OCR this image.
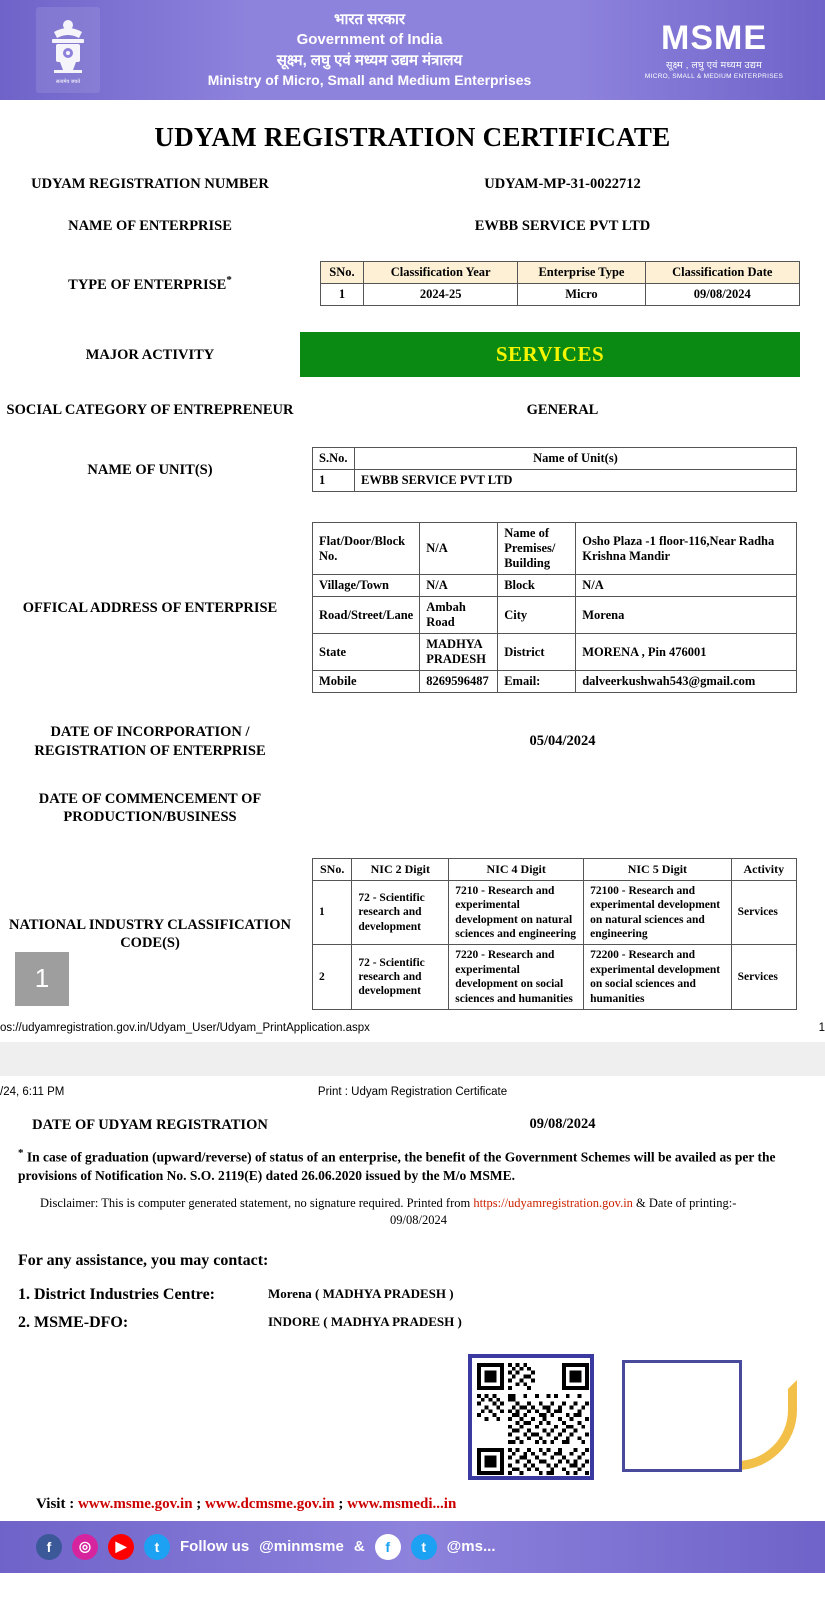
सत्यमेव जयते
भारत सरकार
Government of India
सूक्ष्म, लघु एवं मध्यम उद्यम मंत्रालय
Ministry of Micro, Small and Medium Enterprises
MSME
सूक्ष्म , लघु एवं मध्यम उद्यम
MICRO, SMALL & MEDIUM ENTERPRISES
UDYAM REGISTRATION CERTIFICATE
UDYAM REGISTRATION NUMBER	UDYAM-MP-31-0022712
NAME OF ENTERPRISE	EWBB SERVICE PVT LTD
TYPE OF ENTERPRISE*
SNo.	Classification Year	Enterprise Type	Classification Date
1	2024-25	Micro	09/08/2024
MAJOR ACTIVITY	SERVICES
SOCIAL CATEGORY OF ENTREPRENEUR	GENERAL
NAME OF UNIT(S)
S.No.	Name of Unit(s)
1	EWBB SERVICE PVT LTD
OFFICAL ADDRESS OF ENTERPRISE
Flat/Door/Block No.	N/A	Name of Premises/ Building	Osho Plaza -1 floor-116,Near Radha Krishna Mandir
Village/Town	N/A	Block	N/A
Road/Street/Lane	Ambah Road	City	Morena
State	MADHYA PRADESH	District	MORENA , Pin 476001
Mobile	8269596487	Email:	dalveerkushwah543@gmail.com
DATE OF INCORPORATION / REGISTRATION OF ENTERPRISE
05/04/2024
DATE OF COMMENCEMENT OF PRODUCTION/BUSINESS
NATIONAL INDUSTRY CLASSIFICATION CODE(S)
SNo.	NIC 2 Digit	NIC 4 Digit	NIC 5 Digit	Activity
1	72 - Scientific research and development	7210 - Research and experimental development on natural sciences and engineering	72100 - Research and experimental development on natural sciences and engineering	Services
2	72 - Scientific research and development	7220 - Research and experimental development on social sciences and humanities	72200 - Research and experimental development on social sciences and humanities	Services
1
os://udyamregistration.gov.in/Udyam_User/Udyam_PrintApplication.aspx	1
/24, 6:11 PM	Print : Udyam Registration Certificate
DATE OF UDYAM REGISTRATION	09/08/2024
* In case of graduation (upward/reverse) of status of an enterprise, the benefit of the Government Schemes will be availed as per the provisions of Notification No. S.O. 2119(E) dated 26.06.2020 issued by the M/o MSME.
Disclaimer: This is computer generated statement, no signature required. Printed from https://udyamregistration.gov.in & Date of printing:-
09/08/2024
For any assistance, you may contact:
1. District Industries Centre:	Morena ( MADHYA PRADESH )
2. MSME-DFO:	INDORE ( MADHYA PRADESH )
Visit : www.msme.gov.in ; www.dcmsme.gov.in ; www.msmedi...in
f	◎	▶	t	Follow us @minmsme &	f	t	@ms...
